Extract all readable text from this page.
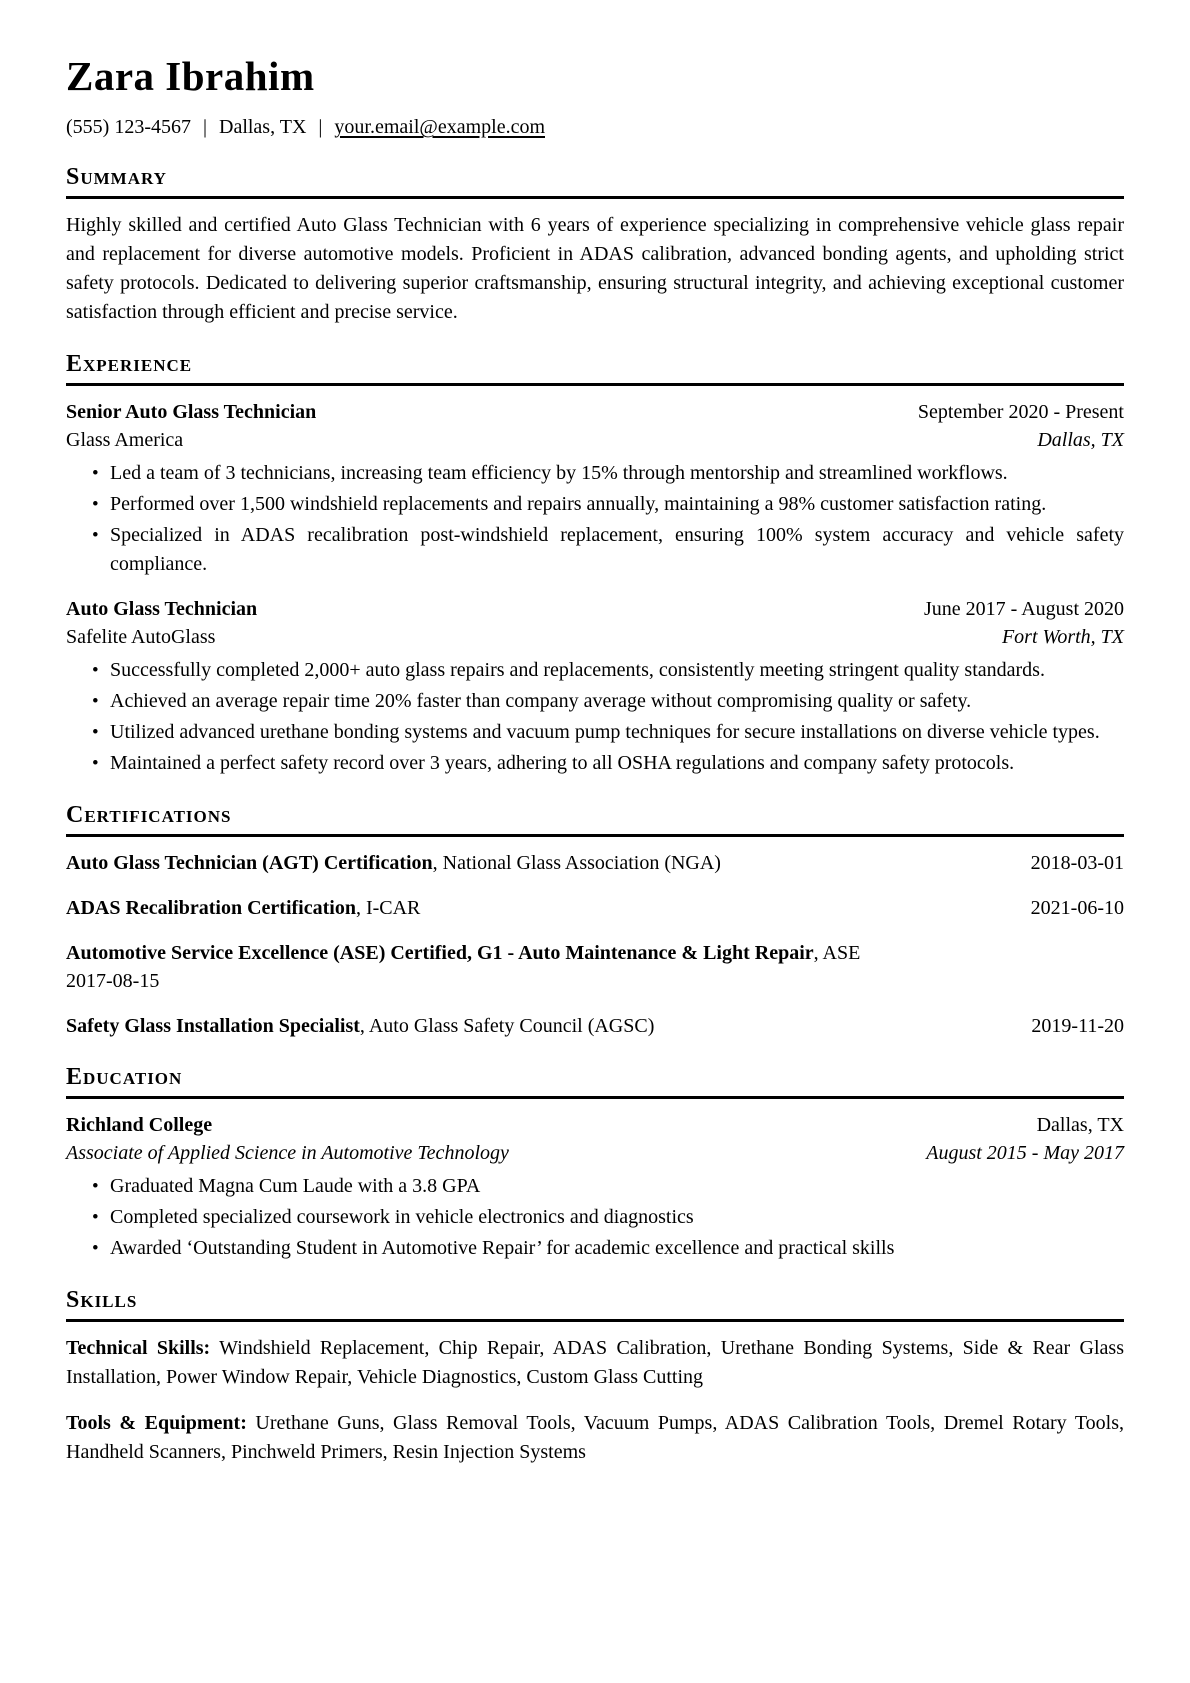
Zara Ibrahim
(555) 123-4567 | Dallas, TX | your.email@example.com
Summary

Highly skilled and certified Auto Glass Technician with 6 years of experience specializing in comprehensive vehicle glass repair and replacement for diverse automotive models. Proficient in ADAS calibration, advanced bonding agents, and upholding strict safety protocols. Dedicated to delivering superior craftsmanship, ensuring structural integrity, and achieving exceptional customer satisfaction through efficient and precise service.

Experience
Senior Auto Glass Technician	September 2020 - Present
Glass America	Dallas, TX
• Led a team of 3 technicians, increasing team efficiency by 15% through mentorship and streamlined workflows.
• Performed over 1,500 windshield replacements and repairs annually, maintaining a 98% customer satisfaction rating.
• Specialized in ADAS recalibration post-windshield replacement, ensuring 100% system accuracy and vehicle safety compliance.
Auto Glass Technician	June 2017 - August 2020
Safelite AutoGlass	Fort Worth, TX
• Successfully completed 2,000+ auto glass repairs and replacements, consistently meeting stringent quality standards.
• Achieved an average repair time 20% faster than company average without compromising quality or safety.
• Utilized advanced urethane bonding systems and vacuum pump techniques for secure installations on diverse vehicle types.
• Maintained a perfect safety record over 3 years, adhering to all OSHA regulations and company safety protocols.
Certifications
Auto Glass Technician (AGT) Certification, National Glass Association (NGA)	2018-03-01
ADAS Recalibration Certification, I-CAR	2021-06-10
Automotive Service Excellence (ASE) Certified, G1 - Auto Maintenance & Light Repair, ASE
2017-08-15
Safety Glass Installation Specialist, Auto Glass Safety Council (AGSC)	2019-11-20
Education
Richland College	Dallas, TX
Associate of Applied Science in Automotive Technology	August 2015 - May 2017
• Graduated Magna Cum Laude with a 3.8 GPA
• Completed specialized coursework in vehicle electronics and diagnostics
• Awarded ‘Outstanding Student in Automotive Repair’ for academic excellence and practical skills
Skills

Technical Skills: Windshield Replacement, Chip Repair, ADAS Calibration, Urethane Bonding Systems, Side & Rear Glass Installation, Power Window Repair, Vehicle Diagnostics, Custom Glass Cutting

Tools & Equipment: Urethane Guns, Glass Removal Tools, Vacuum Pumps, ADAS Calibration Tools, Dremel Rotary Tools, Handheld Scanners, Pinchweld Primers, Resin Injection Systems
